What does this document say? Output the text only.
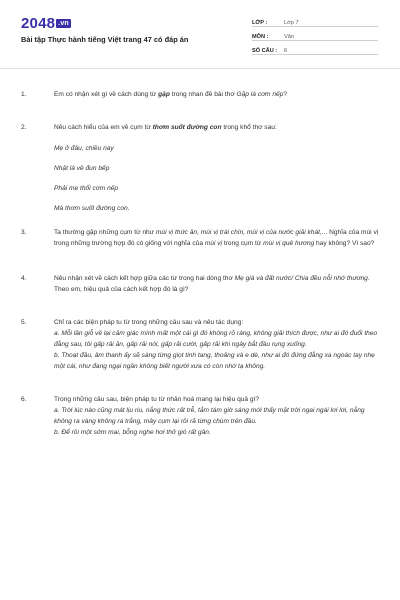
2048 $^{.vn}$
Bài tập Thực hành tiếng Việt trang 47 có đáp án
LỚP :	Lớp 7
MÔN :	Văn
SỐ CÂU :	6
1.	Em có nhận xét gì về cách dùng từ gặp trong nhan đề bài thơ Gặp lá cơm nếp?

2.	Nêu cách hiểu của em về cụm từ thơm suốt đường con trong khổ thơ sau:

Mẹ ở đâu, chiều nay
Nhặt lá về đun bếp
Phải mẹ thổi cơm nếp
Mà thơm suốt đường con.
3.	Ta thường gặp những cụm từ như mùi vị thức ăn, mùi vị trái chín, mùi vị của nước giải khát,... Nghĩa của mùi vị trong những trường hợp đó có giống với nghĩa của mùi vị trong cụm từ mùi vị quê hương hay không? Vì sao?

4.	Nêu nhận xét về cách kết hợp giữa các từ trong hai dòng thơ Mẹ già và đất nước/ Chia đều nỗi nhớ thương. Theo em, hiệu quả của cách kết hợp đó là gì?

5.	Chỉ ra các biện pháp tu từ trong những câu sau và nêu tác dụng:

a. Mỗi lần giỗ về lại cảm giác mình mất một cái gì đó không rõ ràng, không giải thích được, như ai đó đuổi theo đằng sau, tôi gấp rải ăn, gấp rải nói, gấp rải cười, gấp rải khi ngày bắt đầu rụng xuống.

b. Thoạt đầu, âm thanh ấy sẽ sàng từng giọt tinh tang, thoảng và e dè, như ai đó đứng đằng xa ngoác tay nhẹ một cái, như đang ngại ngần không biết người xưa có còn nhớ tạ không.

6.	Trong những câu sau, biện pháp tu từ nhân hoá mang lại hiệu quả gì?

a. Trời lúc nào cũng mát lịu riu, nắng thức rất trễ, tắm tám giờ sáng mới thấy mặt trời ngai ngái lơi lơi, nắng không ra vàng không ra trắng, mây cụm lại rồi rã từng chùm trên đầu.

b. Để rồi một sớm mai, bỗng nghe hơi thở gió rất gần.
